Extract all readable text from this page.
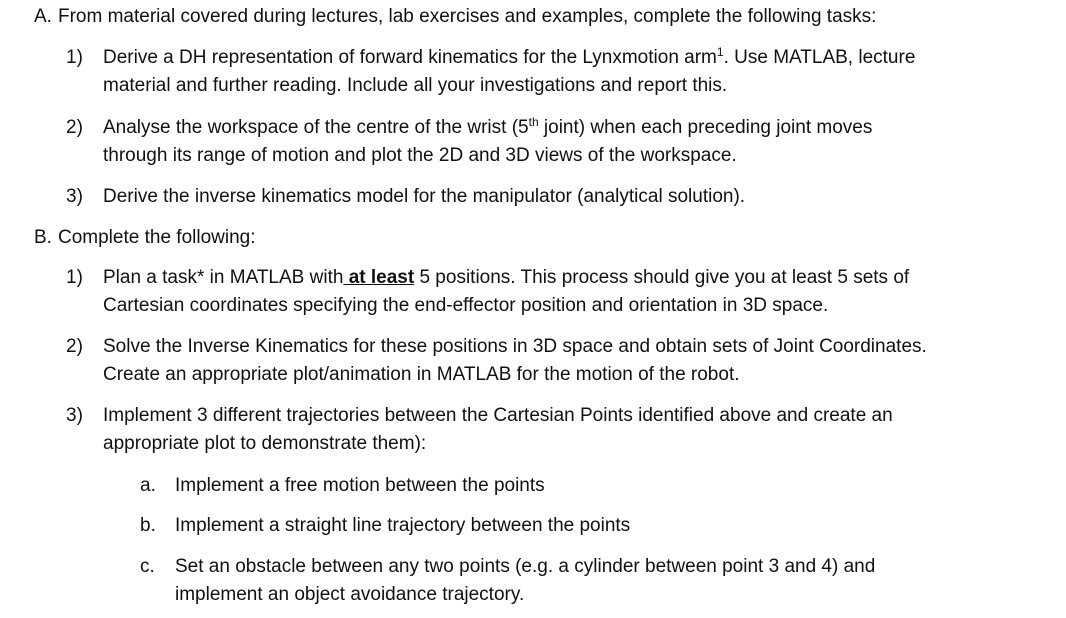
A. From material covered during lectures, lab exercises and examples, complete the following tasks:
1) Derive a DH representation of forward kinematics for the Lynxmotion arm$^1$. Use MATLAB, lecture
material and further reading. Include all your investigations and report this.
2) Analyse the workspace of the centre of the wrist (5th joint) when each preceding joint moves
through its range of motion and plot the 2D and 3D views of the workspace.
3) Derive the inverse kinematics model for the manipulator (analytical solution).
B. Complete the following:
1) Plan a task* in MATLAB with at least 5 positions. This process should give you at least 5 sets of
Cartesian coordinates specifying the end-effector position and orientation in 3D space.
2) Solve the Inverse Kinematics for these positions in 3D space and obtain sets of Joint Coordinates.
Create an appropriate plot/animation in MATLAB for the motion of the robot.
3) Implement 3 different trajectories between the Cartesian Points identified above and create an
appropriate plot to demonstrate them):
a. Implement a free motion between the points
b. Implement a straight line trajectory between the points
c. Set an obstacle between any two points (e.g. a cylinder between point 3 and 4) and
implement an object avoidance trajectory.
